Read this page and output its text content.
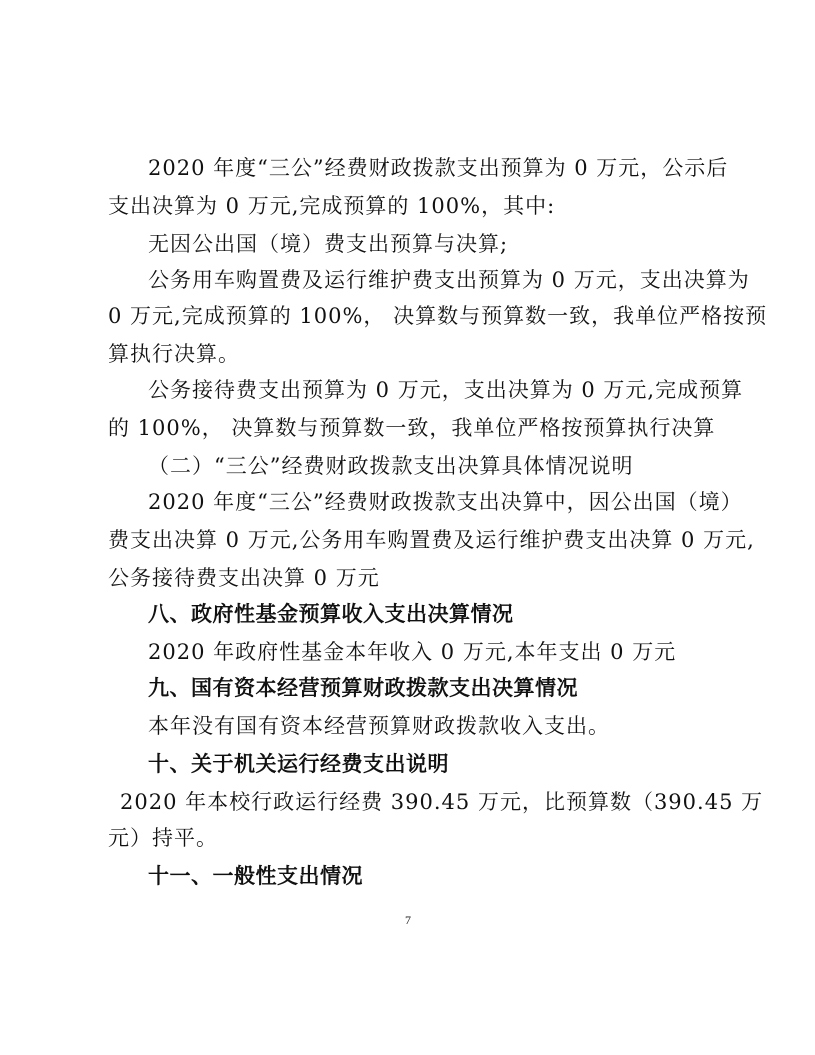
2020 年度“三公”经费财政拨款支出预算为 0 万元，公示后
支出决算为 0 万元,完成预算的 100%，其中:
无因公出国（境）费支出预算与决算;
公务用车购置费及运行维护费支出预算为 0 万元，支出决算为
0 万元,完成预算的 100%， 决算数与预算数一致，我单位严格按预
算执行决算。
公务接待费支出预算为 0 万元，支出决算为 0 万元,完成预算
的 100%， 决算数与预算数一致，我单位严格按预算执行决算
（二）“三公”经费财政拨款支出决算具体情况说明
2020 年度“三公”经费财政拨款支出决算中，因公出国（境）
费支出决算 0 万元,公务用车购置费及运行维护费支出决算 0 万元,
公务接待费支出决算 0 万元
八、政府性基金预算收入支出决算情况
2020 年政府性基金本年收入 0 万元,本年支出 0 万元
九、国有资本经营预算财政拨款支出决算情况
本年没有国有资本经营预算财政拨款收入支出。
十、关于机关运行经费支出说明
2020 年本校行政运行经费 390.45 万元，比预算数（390.45 万
元）持平。
十一、一般性支出情况
7
